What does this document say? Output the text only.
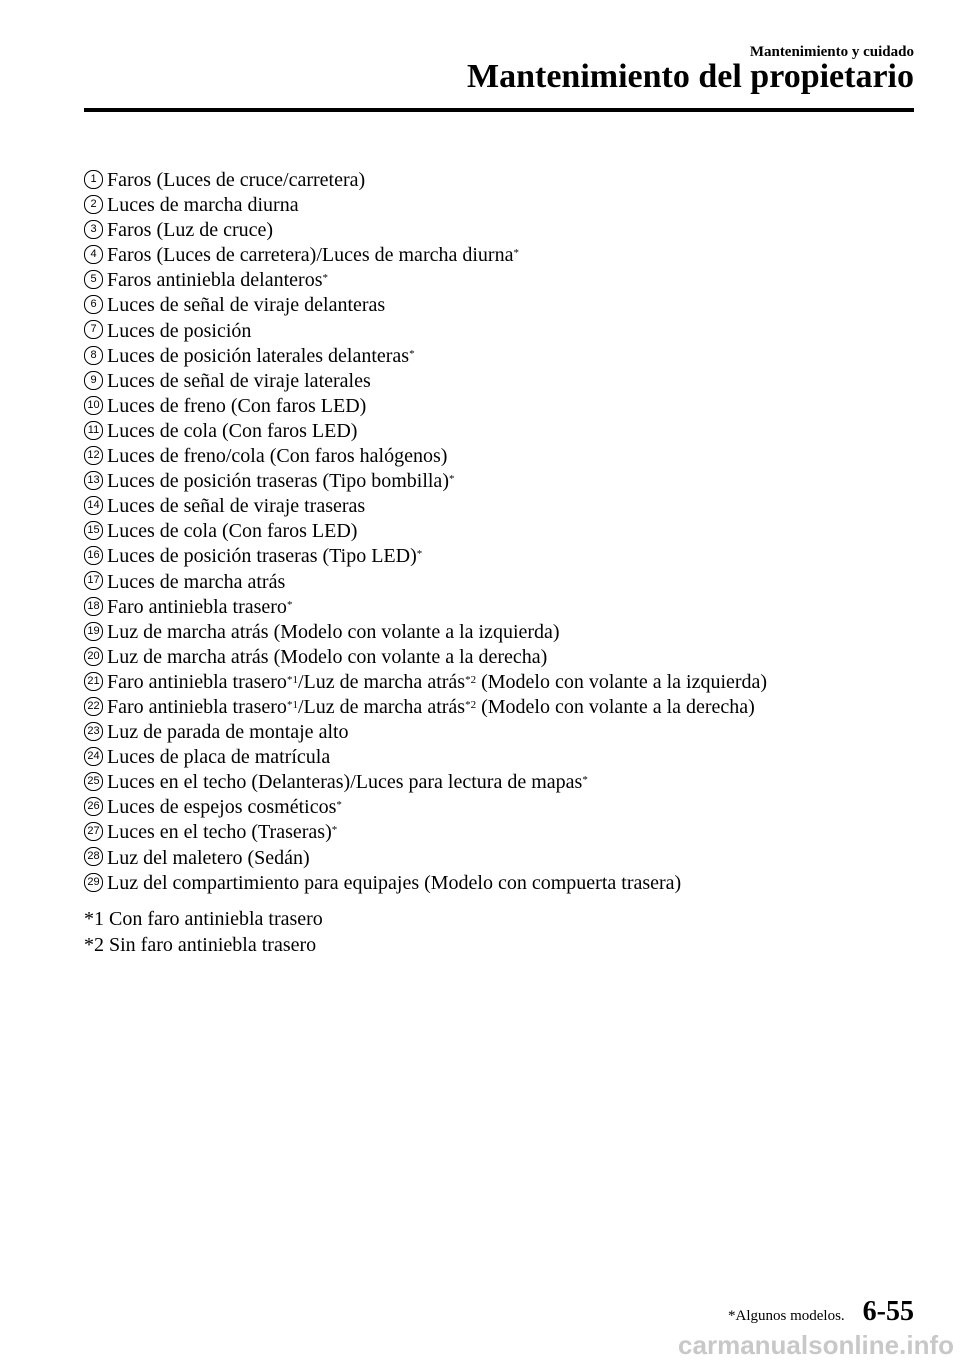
Mantenimiento y cuidado
Mantenimiento del propietario
1 Faros (Luces de cruce/carretera)
2 Luces de marcha diurna
3 Faros (Luz de cruce)
4 Faros (Luces de carretera)/Luces de marcha diurna*
5 Faros antiniebla delanteros*
6 Luces de señal de viraje delanteras
7 Luces de posición
8 Luces de posición laterales delanteras*
9 Luces de señal de viraje laterales
10 Luces de freno (Con faros LED)
11 Luces de cola (Con faros LED)
12 Luces de freno/cola (Con faros halógenos)
13 Luces de posición traseras (Tipo bombilla)*
14 Luces de señal de viraje traseras
15 Luces de cola (Con faros LED)
16 Luces de posición traseras (Tipo LED)*
17 Luces de marcha atrás
18 Faro antiniebla trasero*
19 Luz de marcha atrás (Modelo con volante a la izquierda)
20 Luz de marcha atrás (Modelo con volante a la derecha)
21 Faro antiniebla trasero$^{*1}$/Luz de marcha atrás$^{*2}$ (Modelo con volante a la izquierda)
22 Faro antiniebla trasero$^{*1}$/Luz de marcha atrás$^{*2}$ (Modelo con volante a la derecha)
23 Luz de parada de montaje alto
24 Luces de placa de matrícula
25 Luces en el techo (Delanteras)/Luces para lectura de mapas*
26 Luces de espejos cosméticos*
27 Luces en el techo (Traseras)*
28 Luz del maletero (Sedán)
29 Luz del compartimiento para equipajes (Modelo con compuerta trasera)
*1 Con faro antiniebla trasero
*2 Sin faro antiniebla trasero
*Algunos modelos. 6-55
carmanualsonline.info
